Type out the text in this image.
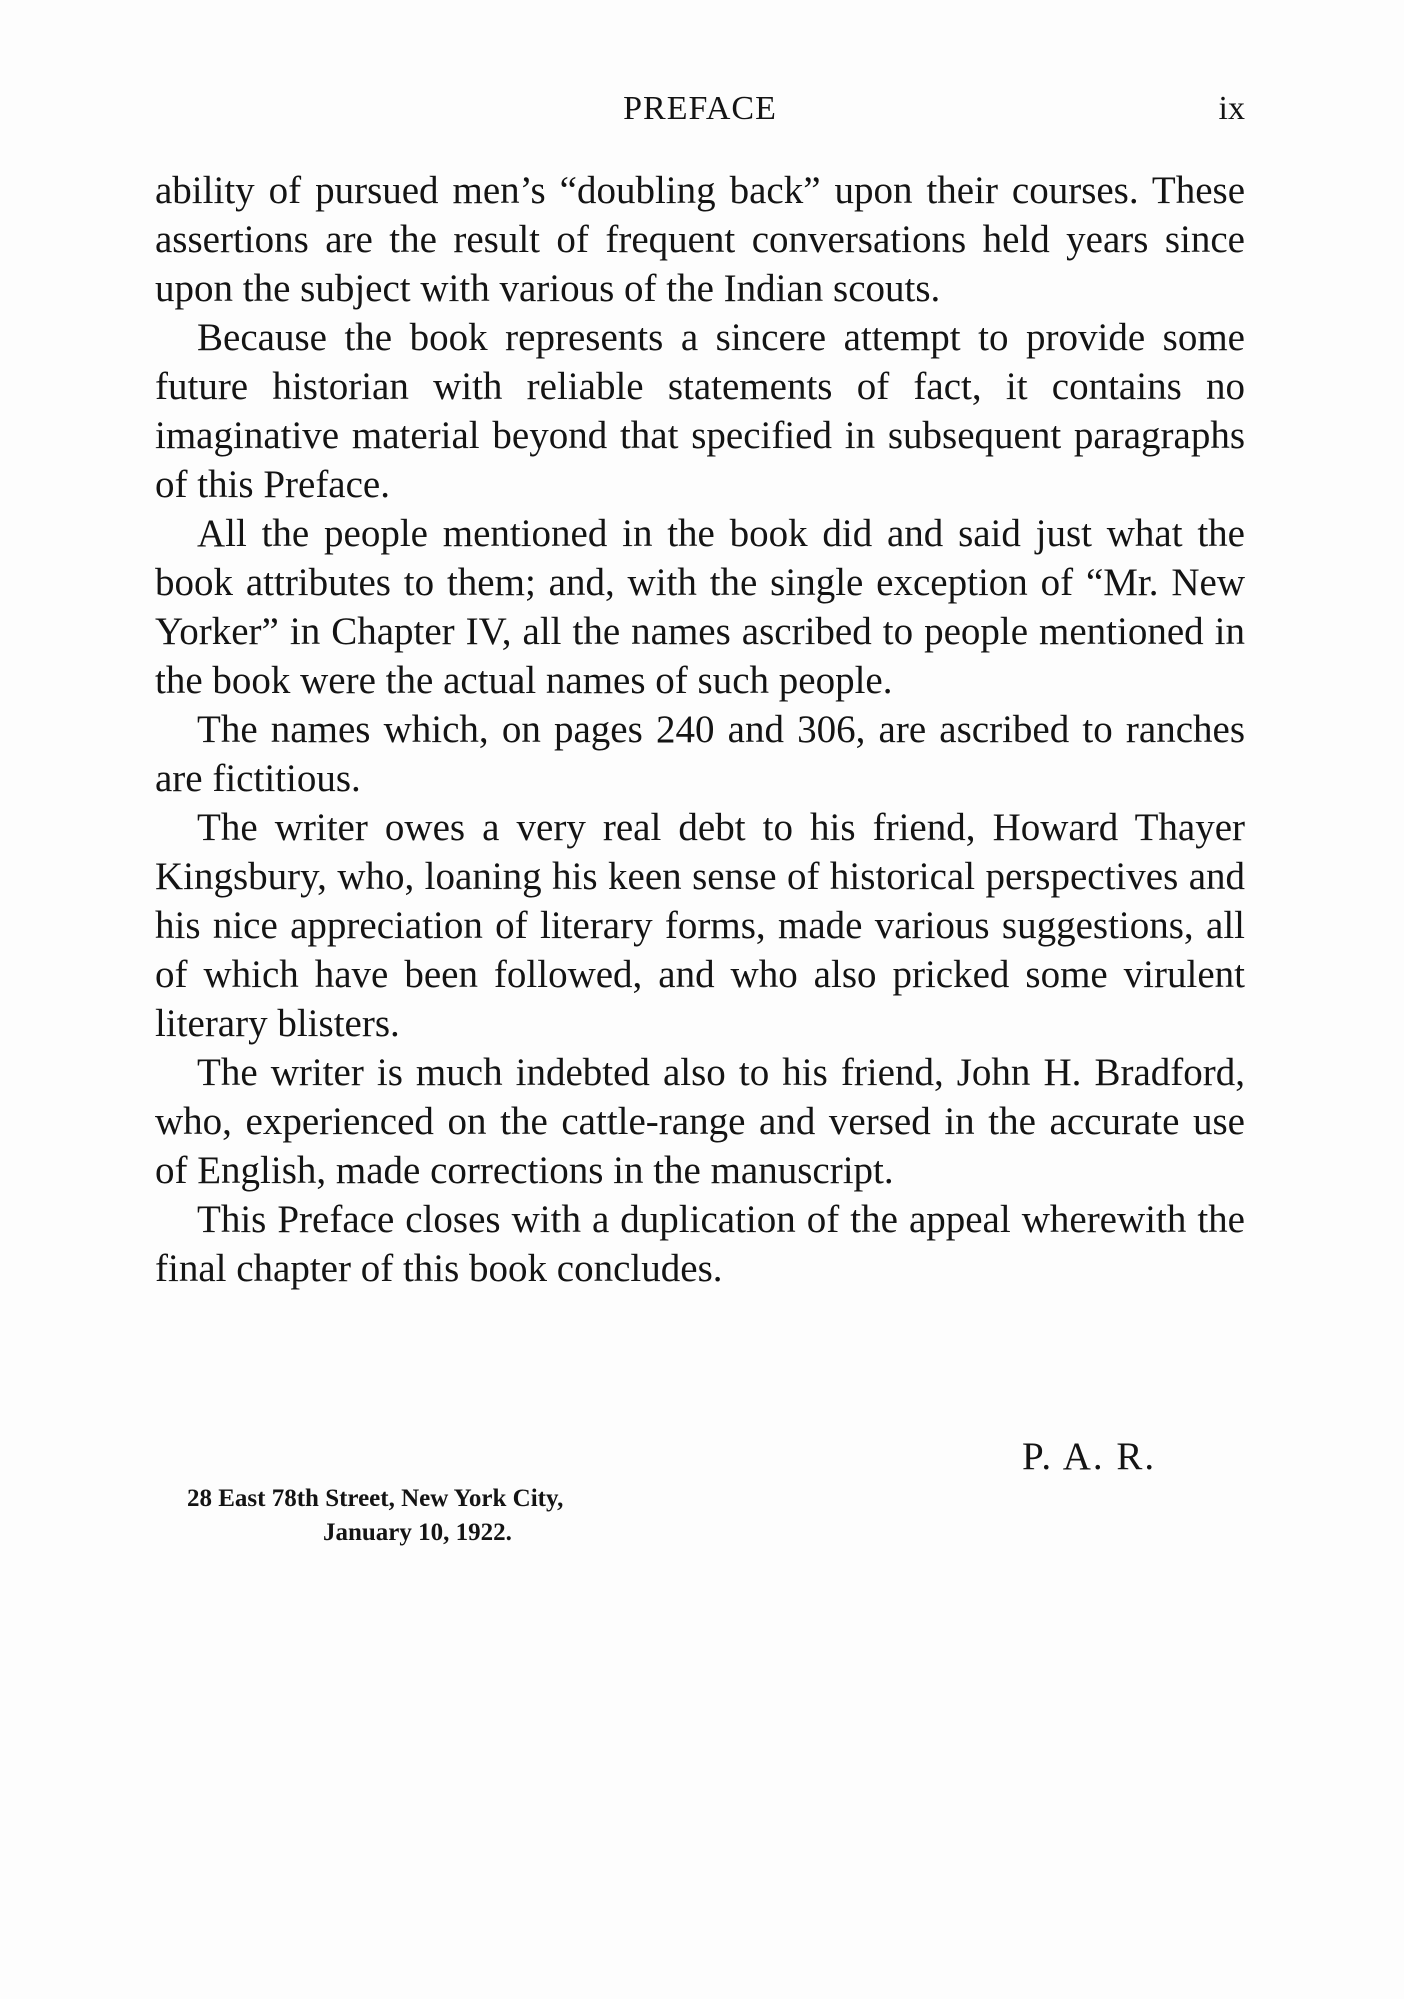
PREFACE	ix

ability of pursued men’s “doubling back” upon their courses. These assertions are the result of frequent conversations held years since upon the subject with various of the Indian scouts.

Because the book represents a sincere attempt to provide some future historian with reliable statements of fact, it contains no imaginative material beyond that specified in subsequent paragraphs of this Preface.

All the people mentioned in the book did and said just what the book attributes to them; and, with the single exception of “Mr. New Yorker” in Chapter IV, all the names ascribed to people mentioned in the book were the actual names of such people.

The names which, on pages 240 and 306, are ascribed to ranches are fictitious.

The writer owes a very real debt to his friend, Howard Thayer Kingsbury, who, loaning his keen sense of historical perspectives and his nice appreciation of literary forms, made various suggestions, all of which have been followed, and who also pricked some virulent literary blisters.

The writer is much indebted also to his friend, John H. Bradford, who, experienced on the cattle-range and versed in the accurate use of English, made corrections in the manuscript.

This Preface closes with a duplication of the appeal wherewith the final chapter of this book concludes.

P. A. R.
28 East 78th Street, New York City,
January 10, 1922.
